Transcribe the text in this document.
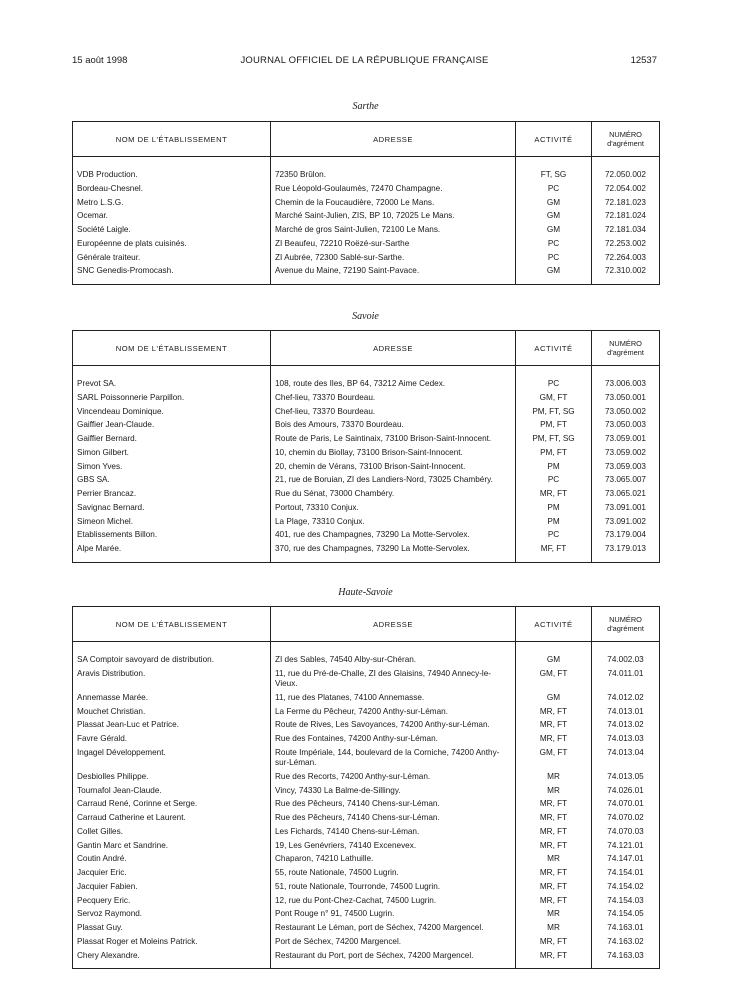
15 août 1998	JOURNAL OFFICIEL DE LA RÉPUBLIQUE FRANÇAISE	12537
Sarthe
NOM DE L'ÉTABLISSEMENT	ADRESSE	ACTIVITÉ	NUMÉRO
d'agrément

VDB Production.	72350 Brûlon.	FT, SG	72.050.002
Bordeau-Chesnel.	Rue Léopold-Goulaumès, 72470 Champagne.	PC	72.054.002
Metro L.S.G.	Chemin de la Foucaudière, 72000 Le Mans.	GM	72.181.023
Ocemar.	Marché Saint-Julien, ZIS, BP 10, 72025 Le Mans.	GM	72.181.024
Société Laigle.	Marché de gros Saint-Julien, 72100 Le Mans.	GM	72.181.034
Européenne de plats cuisinés.	ZI Beaufeu, 72210 Roëzé-sur-Sarthe	PC	72.253.002
Générale traiteur.	ZI Aubrée, 72300 Sablé-sur-Sarthe.	PC	72.264.003
SNC Genedis-Promocash.	Avenue du Maine, 72190 Saint-Pavace.	GM	72.310.002
Savoie
NOM DE L'ÉTABLISSEMENT	ADRESSE	ACTIVITÉ	NUMÉRO
d'agrément

Prevot SA.	108, route des Iles, BP 64, 73212 Aime Cedex.	PC	73.006.003
SARL Poissonnerie Parpillon.	Chef-lieu, 73370 Bourdeau.	GM, FT	73.050.001
Vincendeau Dominique.	Chef-lieu, 73370 Bourdeau.	PM, FT, SG	73.050.002
Gaiffier Jean-Claude.	Bois des Amours, 73370 Bourdeau.	PM, FT	73.050.003
Gaiffier Bernard.	Route de Paris, Le Saintinaix, 73100 Brison-Saint-Innocent.	PM, FT, SG	73.059.001
Simon Gilbert.	10, chemin du Biollay, 73100 Brison-Saint-Innocent.	PM, FT	73.059.002
Simon Yves.	20, chemin de Vérans, 73100 Brison-Saint-Innocent.	PM	73.059.003
GBS SA.	21, rue de Boruian, ZI des Landiers-Nord, 73025 Chambéry.	PC	73.065.007
Perrier Brancaz.	Rue du Sénat, 73000 Chambéry.	MR, FT	73.065.021
Savignac Bernard.	Portout, 73310 Conjux.	PM	73.091.001
Simeon Michel.	La Plage, 73310 Conjux.	PM	73.091.002
Etablissements Billon.	401, rue des Champagnes, 73290 La Motte-Servolex.	PC	73.179.004
Alpe Marée.	370, rue des Champagnes, 73290 La Motte-Servolex.	MF, FT	73.179.013
Haute-Savoie
NOM DE L'ÉTABLISSEMENT	ADRESSE	ACTIVITÉ	NUMÉRO
d'agrément

SA Comptoir savoyard de distribution.	ZI des Sables, 74540 Alby-sur-Chéran.	GM	74.002.03
Aravis Distribution.	11, rue du Pré-de-Challe, ZI des Glaisins, 74940 Annecy-le-Vieux.	GM, FT	74.011.01
Annemasse Marée.	11, rue des Platanes, 74100 Annemasse.	GM	74.012.02
Mouchet Christian.	La Ferme du Pêcheur, 74200 Anthy-sur-Léman.	MR, FT	74.013.01
Plassat Jean-Luc et Patrice.	Route de Rives, Les Savoyances, 74200 Anthy-sur-Léman.	MR, FT	74.013.02
Favre Gérald.	Rue des Fontaines, 74200 Anthy-sur-Léman.	MR, FT	74.013.03
Ingagel Développement.	Route Impériale, 144, boulevard de la Corniche, 74200 Anthy-sur-Léman.	GM, FT	74.013.04
Desbiolles Philippe.	Rue des Recorts, 74200 Anthy-sur-Léman.	MR	74.013.05
Tournafol Jean-Claude.	Vincy, 74330 La Balme-de-Sillingy.	MR	74.026.01
Carraud René, Corinne et Serge.	Rue des Pêcheurs, 74140 Chens-sur-Léman.	MR, FT	74.070.01
Carraud Catherine et Laurent.	Rue des Pêcheurs, 74140 Chens-sur-Léman.	MR, FT	74.070.02
Collet Gilles.	Les Fichards, 74140 Chens-sur-Léman.	MR, FT	74.070.03
Gantin Marc et Sandrine.	19, Les Genévriers, 74140 Excenevex.	MR, FT	74.121.01
Coutin André.	Chaparon, 74210 Lathuille.	MR	74.147.01
Jacquier Eric.	55, route Nationale, 74500 Lugrin.	MR, FT	74.154.01
Jacquier Fabien.	51, route Nationale, Tourronde, 74500 Lugrin.	MR, FT	74.154.02
Pecquery Eric.	12, rue du Pont-Chez-Cachat, 74500 Lugrin.	MR, FT	74.154.03
Servoz Raymond.	Pont Rouge n° 91, 74500 Lugrin.	MR	74.154.05
Plassat Guy.	Restaurant Le Léman, port de Séchex, 74200 Margencel.	MR	74.163.01
Plassat Roger et Moleins Patrick.	Port de Séchex, 74200 Margencel.	MR, FT	74.163.02
Chery Alexandre.	Restaurant du Port, port de Séchex, 74200 Margencel.	MR, FT	74.163.03
